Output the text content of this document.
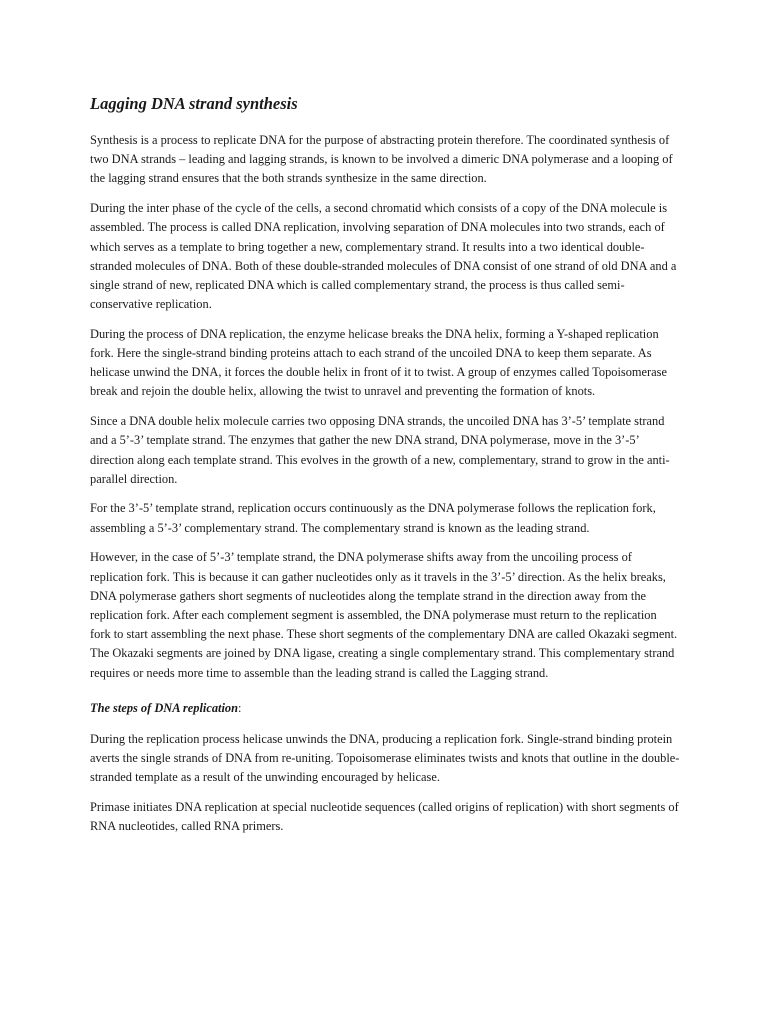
Lagging DNA strand synthesis

Synthesis is a process to replicate DNA for the purpose of abstracting protein therefore. The coordinated synthesis of two DNA strands – leading and lagging strands, is known to be involved a dimeric DNA polymerase and a looping of the lagging strand ensures that the both strands synthesize in the same direction.

During the inter phase of the cycle of the cells, a second chromatid which consists of a copy of the DNA molecule is assembled. The process is called DNA replication, involving separation of DNA molecules into two strands, each of which serves as a template to bring together a new, complementary strand. It results into a two identical double-stranded molecules of DNA. Both of these double-stranded molecules of DNA consist of one strand of old DNA and a single strand of new, replicated DNA which is called complementary strand, the process is thus called semi-conservative replication.

During the process of DNA replication, the enzyme helicase breaks the DNA helix, forming a Y-shaped replication fork. Here the single-strand binding proteins attach to each strand of the uncoiled DNA to keep them separate. As helicase unwind the DNA, it forces the double helix in front of it to twist. A group of enzymes called Topoisomerase break and rejoin the double helix, allowing the twist to unravel and preventing the formation of knots.

Since a DNA double helix molecule carries two opposing DNA strands, the uncoiled DNA has 3’-5’ template strand and a 5’-3’ template strand. The enzymes that gather the new DNA strand, DNA polymerase, move in the 3’-5’ direction along each template strand. This evolves in the growth of a new, complementary, strand to grow in the anti-parallel direction.

For the 3’-5’ template strand, replication occurs continuously as the DNA polymerase follows the replication fork, assembling a 5’-3’ complementary strand. The complementary strand is known as the leading strand.

However, in the case of 5’-3’ template strand, the DNA polymerase shifts away from the uncoiling process of replication fork. This is because it can gather nucleotides only as it travels in the 3’-5’ direction. As the helix breaks, DNA polymerase gathers short segments of nucleotides along the template strand in the direction away from the replication fork. After each complement segment is assembled, the DNA polymerase must return to the replication fork to start assembling the next phase. These short segments of the complementary DNA are called Okazaki segment. The Okazaki segments are joined by DNA ligase, creating a single complementary strand. This complementary strand requires or needs more time to assemble than the leading strand is called the Lagging strand.

The steps of DNA replication:

During the replication process helicase unwinds the DNA, producing a replication fork. Single-strand binding protein averts the single strands of DNA from re-uniting. Topoisomerase eliminates twists and knots that outline in the double-stranded template as a result of the unwinding encouraged by helicase.

Primase initiates DNA replication at special nucleotide sequences (called origins of replication) with short segments of RNA nucleotides, called RNA primers.
